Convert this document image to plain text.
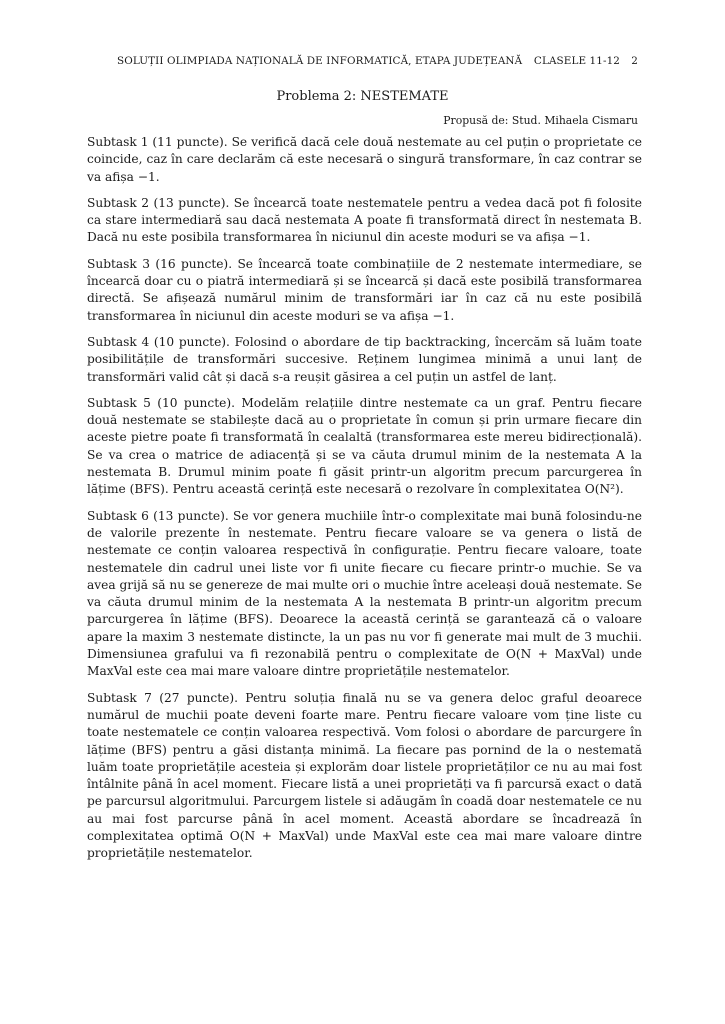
SOLUȚII OLIMPIADA NAȚIONALĂ DE INFORMATICĂ, ETAPA JUDEȚEANĂ CLASELE 11-12 2
Problema 2: NESTEMATE
Propusă de: Stud. Mihaela Cismaru

Subtask 1 (11 puncte). Se verifică dacă cele două nestemate au cel puțin o proprietate ce coincide, caz în care declarăm că este necesară o singură transformare, în caz contrar se va afișa −1.

Subtask 2 (13 puncte). Se încearcă toate nestematele pentru a vedea dacă pot fi folosite ca stare intermediară sau dacă nestemata A poate fi transformată direct în nestemata B. Dacă nu este posibila transformarea în niciunul din aceste moduri se va afișa −1.

Subtask 3 (16 puncte). Se încearcă toate combinațiile de 2 nestemate intermediare, se încearcă doar cu o piatră intermediară și se încearcă și dacă este posibilă transformarea directă. Se afișează numărul minim de transformări iar în caz că nu este posibilă transformarea în niciunul din aceste moduri se va afișa −1.

Subtask 4 (10 puncte). Folosind o abordare de tip backtracking, încercăm să luăm toate posibilitățile de transformări succesive. Reținem lungimea minimă a unui lanț de transformări valid cât și dacă s-a reușit găsirea a cel puțin un astfel de lanț.

Subtask 5 (10 puncte). Modelăm relațiile dintre nestemate ca un graf. Pentru fiecare două nestemate se stabilește dacă au o proprietate în comun și prin urmare fiecare din aceste pietre poate fi transformată în cealaltă (transformarea este mereu bidirecțională). Se va crea o matrice de adiacență și se va căuta drumul minim de la nestemata A la nestemata B. Drumul minim poate fi găsit printr-un algoritm precum parcurgerea în lățime (BFS). Pentru această cerință este necesară o rezolvare în complexitatea O(N²).

Subtask 6 (13 puncte). Se vor genera muchiile într-o complexitate mai bună folosindu-ne de valorile prezente în nestemate. Pentru fiecare valoare se va genera o listă de nestemate ce conțin valoarea respectivă în configurație. Pentru fiecare valoare, toate nestematele din cadrul unei liste vor fi unite fiecare cu fiecare printr-o muchie. Se va avea grijă să nu se genereze de mai multe ori o muchie între aceleași două nestemate. Se va căuta drumul minim de la nestemata A la nestemata B printr-un algoritm precum parcurgerea în lățime (BFS). Deoarece la această cerință se garantează că o valoare apare la maxim 3 nestemate distincte, la un pas nu vor fi generate mai mult de 3 muchii. Dimensiunea grafului va fi rezonabilă pentru o complexitate de O(N + MaxVal) unde MaxVal este cea mai mare valoare dintre proprietățile nestematelor.

Subtask 7 (27 puncte). Pentru soluția finală nu se va genera deloc graful deoarece numărul de muchii poate deveni foarte mare. Pentru fiecare valoare vom ține liste cu toate nestematele ce conțin valoarea respectivă. Vom folosi o abordare de parcurgere în lățime (BFS) pentru a găsi distanța minimă. La fiecare pas pornind de la o nestemată luăm toate proprietățile acesteia și explorăm doar listele proprietăților ce nu au mai fost întâlnite până în acel moment. Fiecare listă a unei proprietăți va fi parcursă exact o dată pe parcursul algoritmului. Parcurgem listele si adăugăm în coadă doar nestematele ce nu au mai fost parcurse până în acel moment. Această abordare se încadrează în complexitatea optimă O(N + MaxVal) unde MaxVal este cea mai mare valoare dintre proprietățile nestematelor.
